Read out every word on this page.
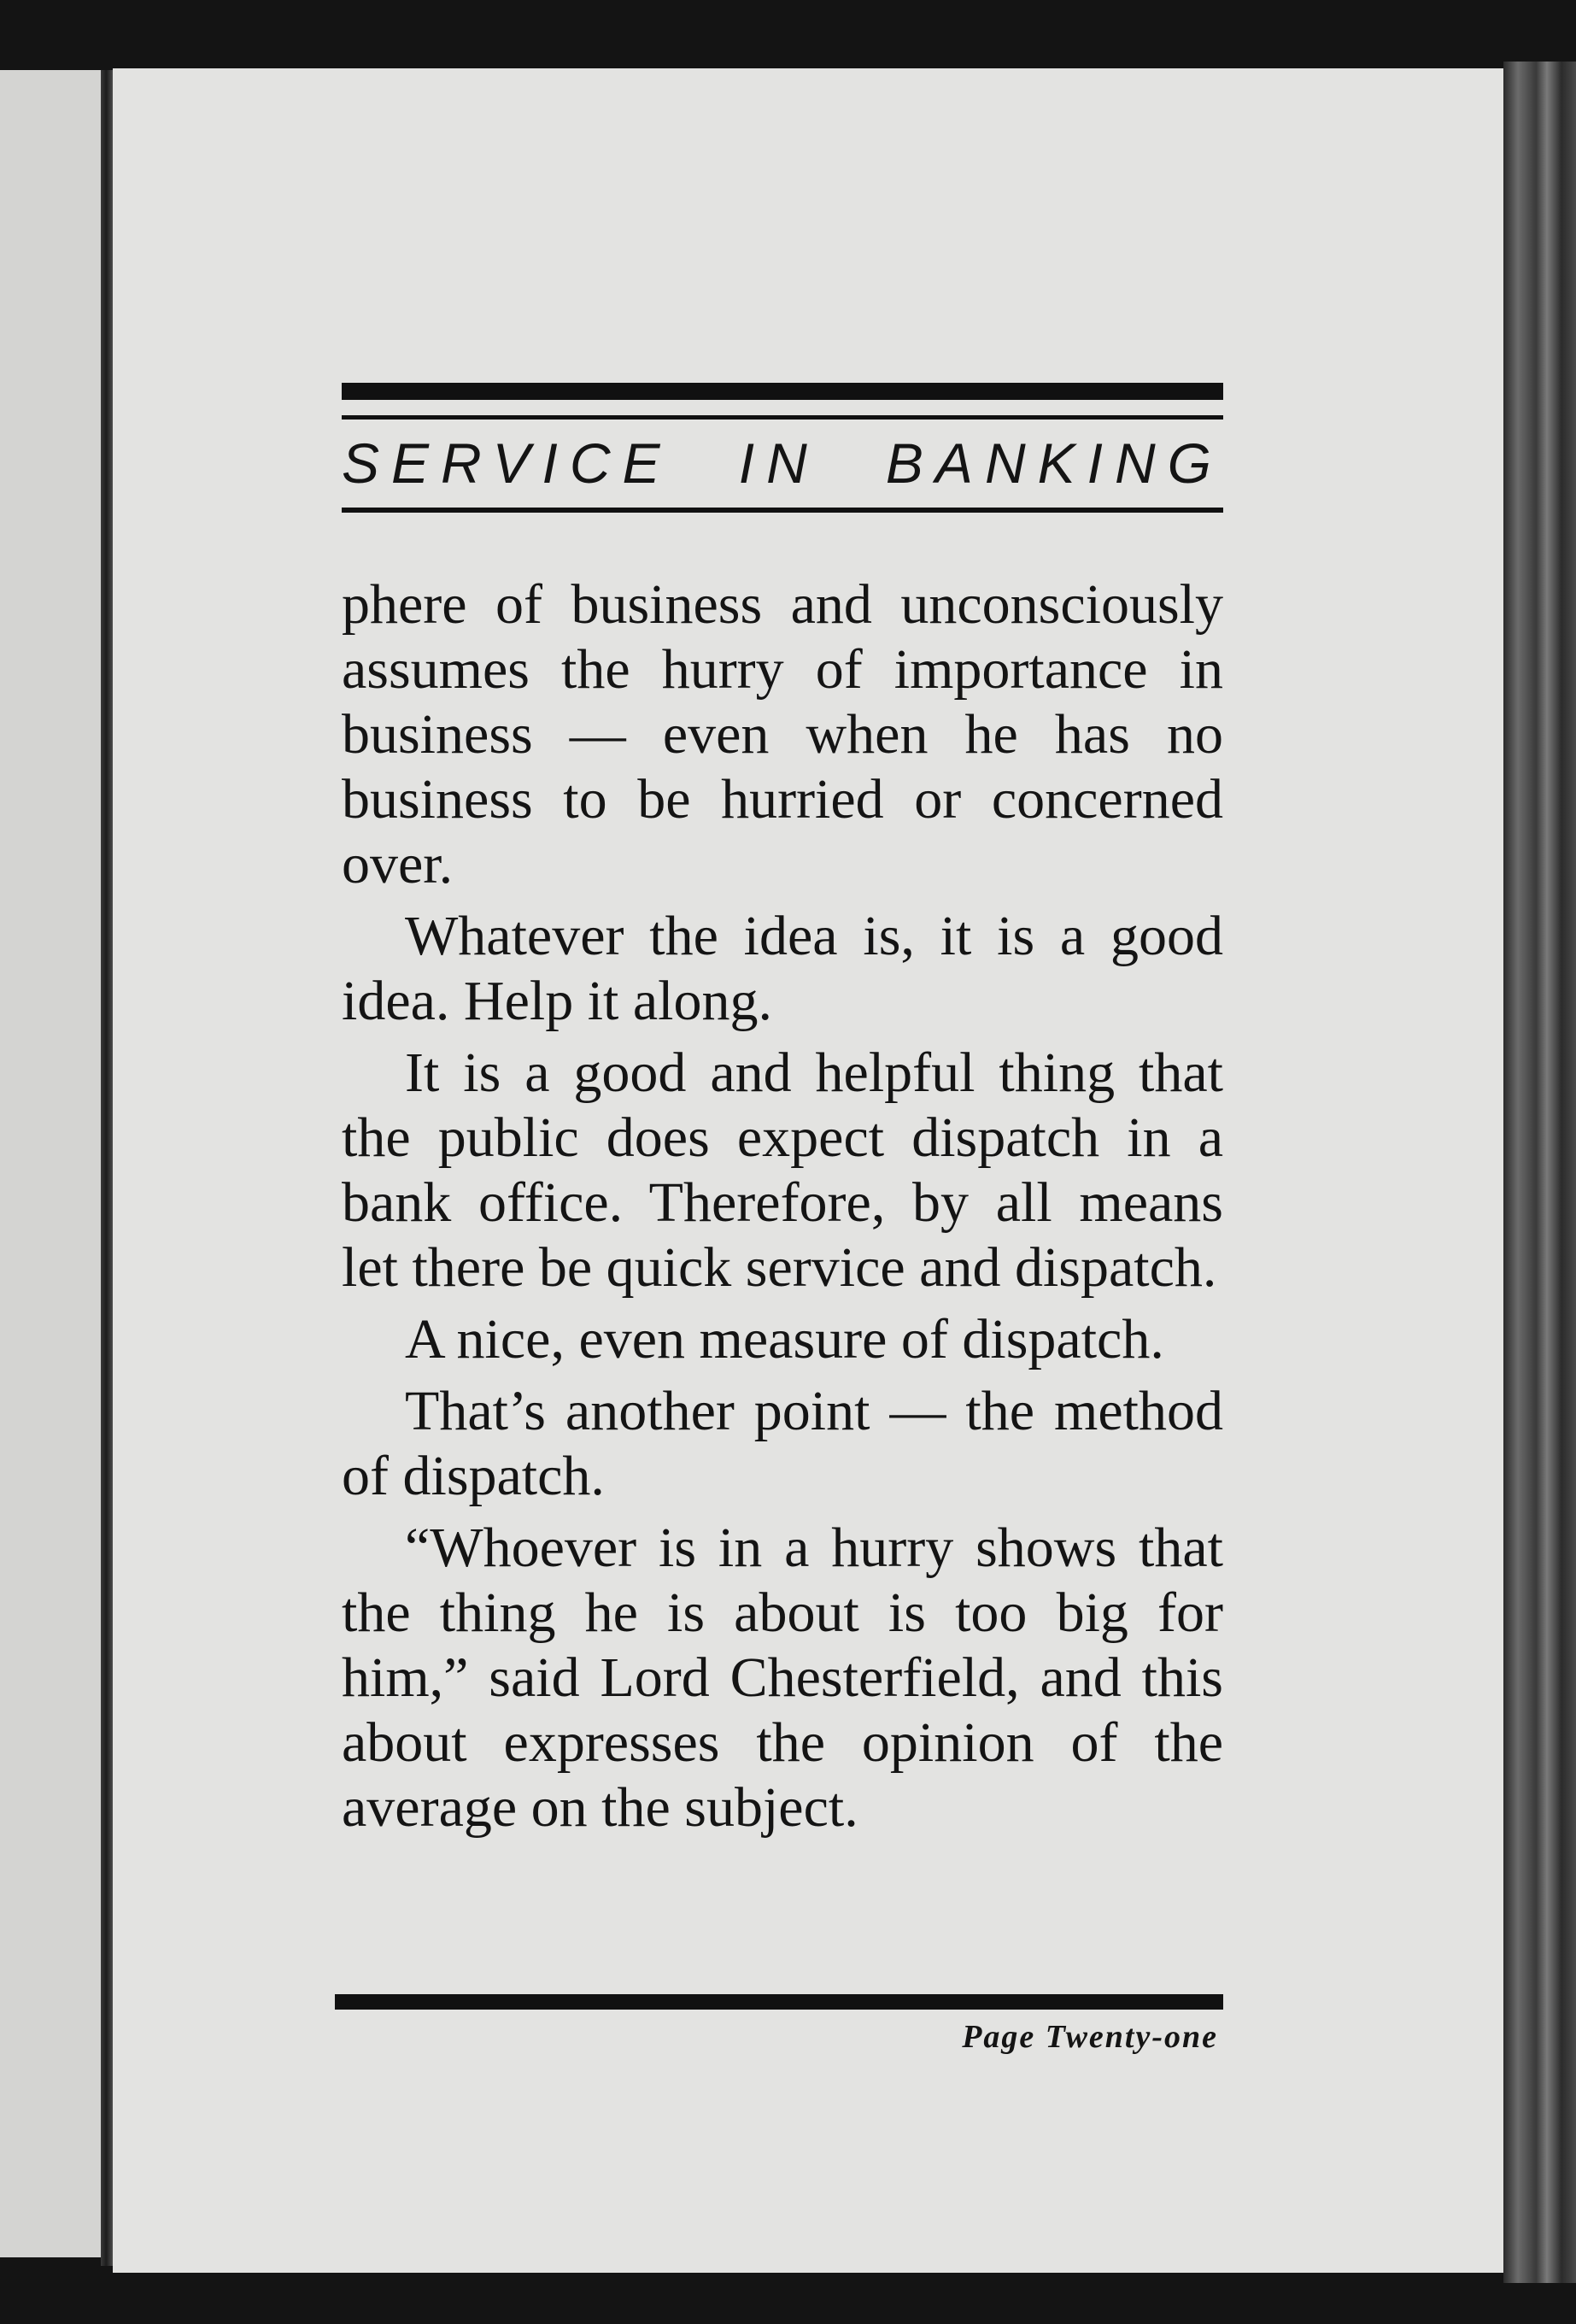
SERVICE IN BANKING

phere of business and unconsciously assumes the hurry of importance in business — even when he has no business to be hurried or concerned over.

Whatever the idea is, it is a good idea. Help it along.

It is a good and helpful thing that the public does expect dispatch in a bank office. Therefore, by all means let there be quick service and dispatch.

A nice, even measure of dispatch.

That’s another point — the method of dispatch.

“Whoever is in a hurry shows that the thing he is about is too big for him,” said Lord Chesterfield, and this about expresses the opinion of the average on the subject.

Page Twenty-one
